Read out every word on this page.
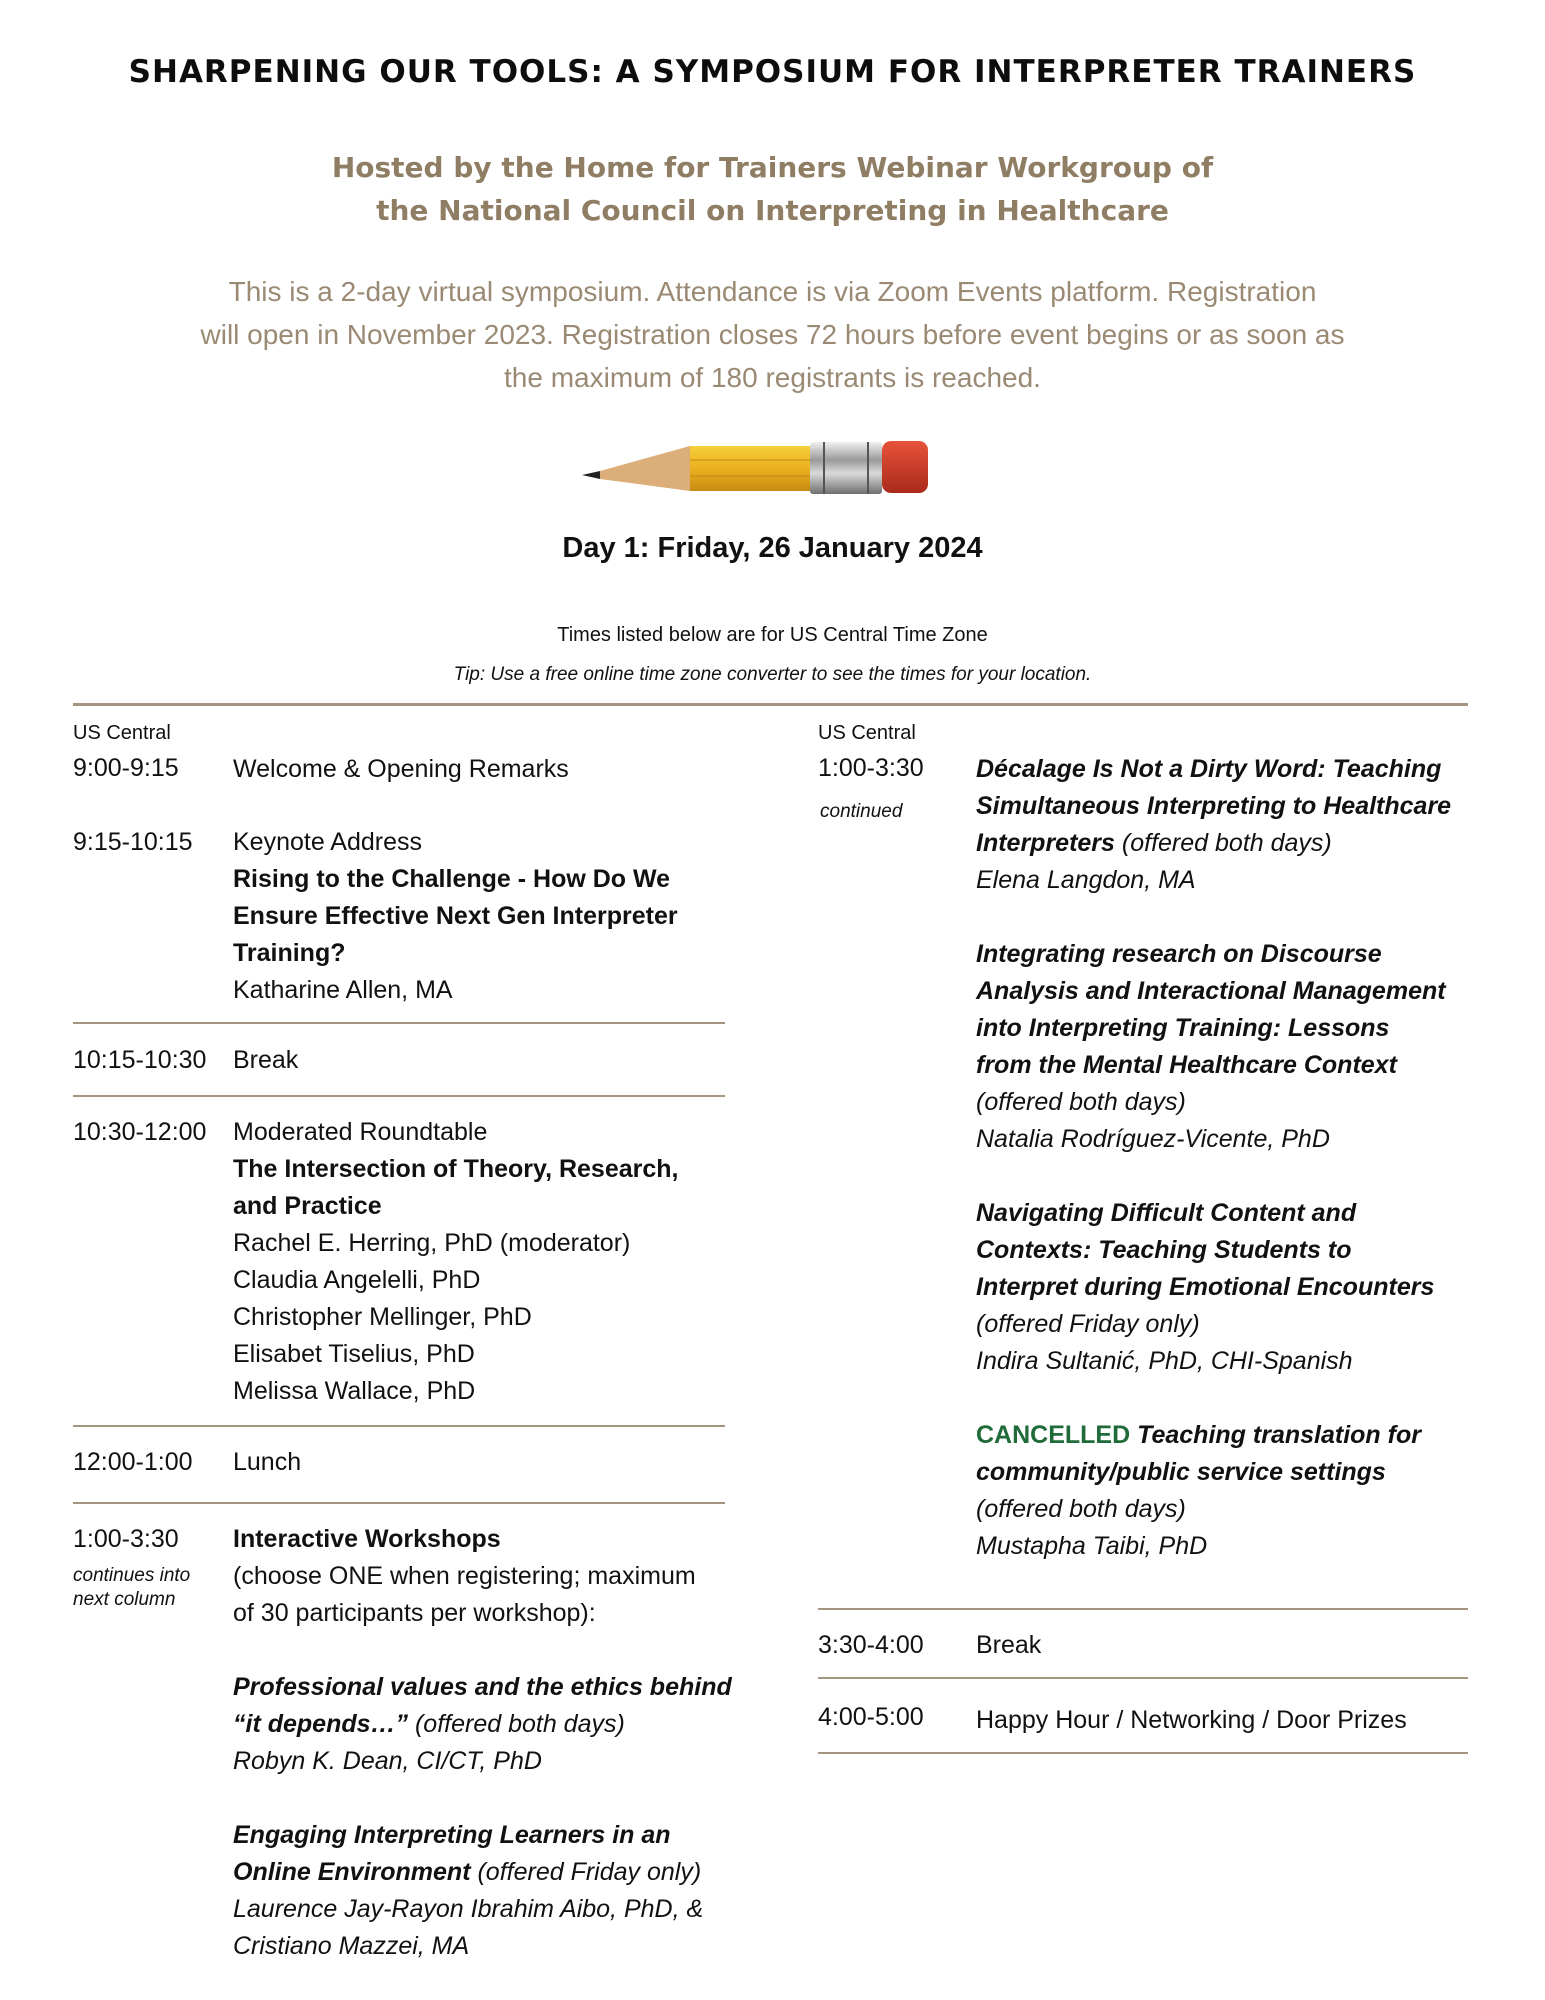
SHARPENING OUR TOOLS: A SYMPOSIUM FOR INTERPRETER TRAINERS
Hosted by the Home for Trainers Webinar Workgroup of
the National Council on Interpreting in Healthcare
This is a 2-day virtual symposium. Attendance is via Zoom Events platform. Registration
will open in November 2023. Registration closes 72 hours before event begins or as soon as
the maximum of 180 registrants is reached.
Day 1: Friday, 26 January 2024
Times listed below are for US Central Time Zone
Tip: Use a free online time zone converter to see the times for your location.
US Central
9:00-9:15 Welcome & Opening Remarks
9:15-10:15 Keynote Address
Rising to the Challenge - How Do We
Ensure Effective Next Gen Interpreter
Training?
Katharine Allen, MA
10:15-10:30 Break
10:30-12:00 Moderated Roundtable
The Intersection of Theory, Research,
and Practice
Rachel E. Herring, PhD (moderator)
Claudia Angelelli, PhD
Christopher Mellinger, PhD
Elisabet Tiselius, PhD
Melissa Wallace, PhD
12:00-1:00 Lunch
1:00-3:30
continues into
next column
Interactive Workshops
(choose ONE when registering; maximum
of 30 participants per workshop):
Professional values and the ethics behind
“it depends…” (offered both days)
Robyn K. Dean, CI/CT, PhD
Engaging Interpreting Learners in an
Online Environment (offered Friday only)
Laurence Jay-Rayon Ibrahim Aibo, PhD, &
Cristiano Mazzei, MA
US Central
1:00-3:30
continued
Décalage Is Not a Dirty Word: Teaching
Simultaneous Interpreting to Healthcare
Interpreters (offered both days)
Elena Langdon, MA
Integrating research on Discourse
Analysis and Interactional Management
into Interpreting Training: Lessons
from the Mental Healthcare Context
(offered both days)
Natalia Rodríguez-Vicente, PhD
Navigating Difficult Content and
Contexts: Teaching Students to
Interpret during Emotional Encounters
(offered Friday only)
Indira Sultanić, PhD, CHI-Spanish
CANCELLED Teaching translation for
community/public service settings
(offered both days)
Mustapha Taibi, PhD
3:30-4:00 Break
4:00-5:00 Happy Hour / Networking / Door Prizes
